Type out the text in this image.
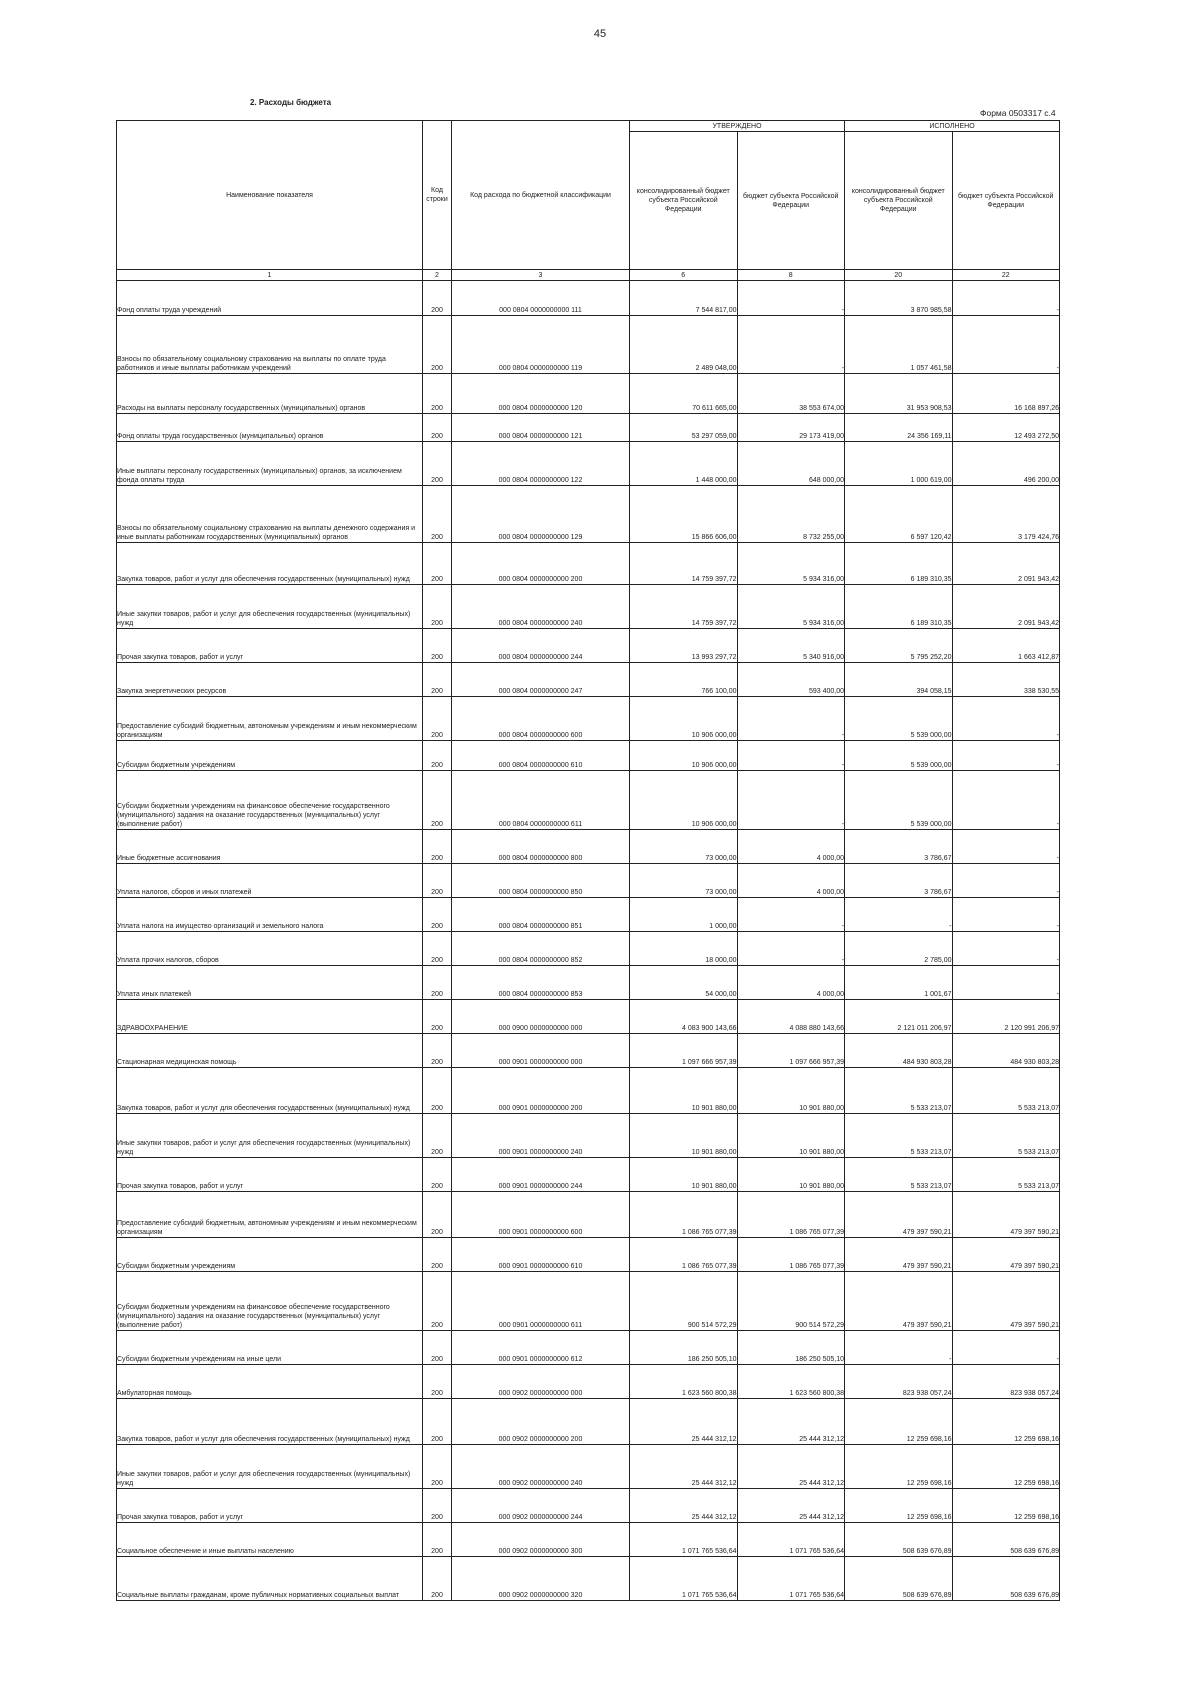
45
2. Расходы бюджета
Форма 0503317 с.4
Наименование показателя	Код строки	Код расхода по бюджетной классификации	УТВЕРЖДЕНО		ИСПОЛНЕНО	
			консолидированный бюджет субъекта Российской Федерации	бюджет субъекта Российской Федерации	консолидированный бюджет субъекта Российской Федерации	бюджет субъекта Российской Федерации
1	2	3	6	8	20	22
Фонд оплаты труда учреждений	200	000 0804 0000000000 111	7 544 817,00	-	3 870 985,58	-
Взносы по обязательному социальному страхованию на выплаты по оплате труда работников и иные выплаты работникам учреждений	200	000 0804 0000000000 119	2 489 048,00	-	1 057 461,58	-
Расходы на выплаты персоналу государственных (муниципальных) органов	200	000 0804 0000000000 120	70 611 665,00	38 553 674,00	31 953 908,53	16 168 897,26
Фонд оплаты труда государственных (муниципальных) органов	200	000 0804 0000000000 121	53 297 059,00	29 173 419,00	24 356 169,11	12 493 272,50
Иные выплаты персоналу государственных (муниципальных) органов, за исключением фонда оплаты труда	200	000 0804 0000000000 122	1 448 000,00	648 000,00	1 000 619,00	496 200,00
Взносы по обязательному социальному страхованию на выплаты денежного содержания и иные выплаты работникам государственных (муниципальных) органов	200	000 0804 0000000000 129	15 866 606,00	8 732 255,00	6 597 120,42	3 179 424,76
Закупка товаров, работ и услуг для обеспечения государственных (муниципальных) нужд	200	000 0804 0000000000 200	14 759 397,72	5 934 316,00	6 189 310,35	2 091 943,42
Иные закупки товаров, работ и услуг для обеспечения государственных (муниципальных) нужд	200	000 0804 0000000000 240	14 759 397,72	5 934 316,00	6 189 310,35	2 091 943,42
Прочая закупка товаров, работ и услуг	200	000 0804 0000000000 244	13 993 297,72	5 340 916,00	5 795 252,20	1 663 412,87
Закупка энергетических ресурсов	200	000 0804 0000000000 247	766 100,00	593 400,00	394 058,15	338 530,55
Предоставление субсидий бюджетным, автономным учреждениям и иным некоммерческим организациям	200	000 0804 0000000000 600	10 906 000,00	-	5 539 000,00	-
Субсидии бюджетным учреждениям	200	000 0804 0000000000 610	10 906 000,00	-	5 539 000,00	-
Субсидии бюджетным учреждениям на финансовое обеспечение государственного (муниципального) задания на оказание государственных (муниципальных) услуг (выполнение работ)	200	000 0804 0000000000 611	10 906 000,00	-	5 539 000,00	-
Иные бюджетные ассигнования	200	000 0804 0000000000 800	73 000,00	4 000,00	3 786,67	-
Уплата налогов, сборов и иных платежей	200	000 0804 0000000000 850	73 000,00	4 000,00	3 786,67	-
Уплата налога на имущество организаций и земельного налога	200	000 0804 0000000000 851	1 000,00	-	-	-
Уплата прочих налогов, сборов	200	000 0804 0000000000 852	18 000,00	-	2 785,00	-
Уплата иных платежей	200	000 0804 0000000000 853	54 000,00	4 000,00	1 001,67	-
ЗДРАВООХРАНЕНИЕ	200	000 0900 0000000000 000	4 083 900 143,66	4 088 880 143,66	2 121 011 206,97	2 120 991 206,97
Стационарная медицинская помощь	200	000 0901 0000000000 000	1 097 666 957,39	1 097 666 957,39	484 930 803,28	484 930 803,28
Закупка товаров, работ и услуг для обеспечения государственных (муниципальных) нужд	200	000 0901 0000000000 200	10 901 880,00	10 901 880,00	5 533 213,07	5 533 213,07
Иные закупки товаров, работ и услуг для обеспечения государственных (муниципальных) нужд	200	000 0901 0000000000 240	10 901 880,00	10 901 880,00	5 533 213,07	5 533 213,07
Прочая закупка товаров, работ и услуг	200	000 0901 0000000000 244	10 901 880,00	10 901 880,00	5 533 213,07	5 533 213,07
Предоставление субсидий бюджетным, автономным учреждениям и иным некоммерческим организациям	200	000 0901 0000000000 600	1 086 765 077,39	1 086 765 077,39	479 397 590,21	479 397 590,21
Субсидии бюджетным учреждениям	200	000 0901 0000000000 610	1 086 765 077,39	1 086 765 077,39	479 397 590,21	479 397 590,21
Субсидии бюджетным учреждениям на финансовое обеспечение государственного (муниципального) задания на оказание государственных (муниципальных) услуг (выполнение работ)	200	000 0901 0000000000 611	900 514 572,29	900 514 572,29	479 397 590,21	479 397 590,21
Субсидии бюджетным учреждениям на иные цели	200	000 0901 0000000000 612	186 250 505,10	186 250 505,10	-	-
Амбулаторная помощь	200	000 0902 0000000000 000	1 623 560 800,38	1 623 560 800,38	823 938 057,24	823 938 057,24
Закупка товаров, работ и услуг для обеспечения государственных (муниципальных) нужд	200	000 0902 0000000000 200	25 444 312,12	25 444 312,12	12 259 698,16	12 259 698,16
Иные закупки товаров, работ и услуг для обеспечения государственных (муниципальных) нужд	200	000 0902 0000000000 240	25 444 312,12	25 444 312,12	12 259 698,16	12 259 698,16
Прочая закупка товаров, работ и услуг	200	000 0902 0000000000 244	25 444 312,12	25 444 312,12	12 259 698,16	12 259 698,16
Социальное обеспечение и иные выплаты населению	200	000 0902 0000000000 300	1 071 765 536,64	1 071 765 536,64	508 639 676,89	508 639 676,89
Социальные выплаты гражданам, кроме публичных нормативных социальных выплат	200	000 0902 0000000000 320	1 071 765 536,64	1 071 765 536,64	508 639 676,89	508 639 676,89
